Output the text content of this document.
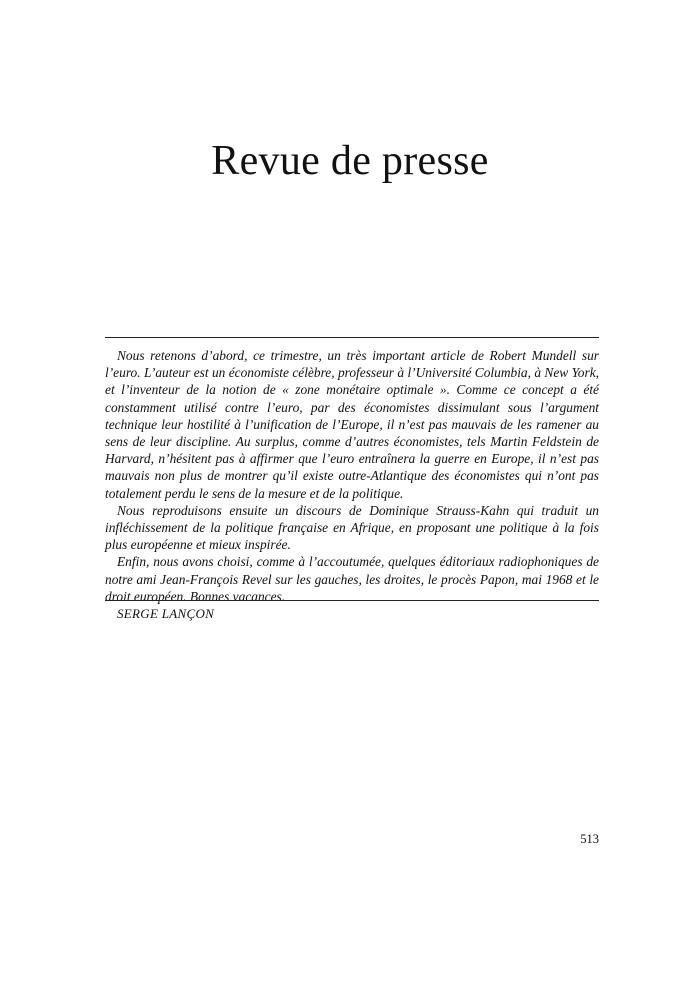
Revue de presse

Nous retenons d’abord, ce trimestre, un très important article de Robert Mundell sur l’euro. L’auteur est un économiste célèbre, professeur à l’Université Columbia, à New York, et l’inventeur de la notion de « zone monétaire optimale ». Comme ce concept a été constamment utilisé contre l’euro, par des économistes dissimulant sous l’argument technique leur hostilité à l’unification de l’Europe, il n’est pas mauvais de les ramener au sens de leur discipline. Au surplus, comme d’autres économistes, tels Martin Feldstein de Harvard, n’hésitent pas à affirmer que l’euro entraînera la guerre en Europe, il n’est pas mauvais non plus de montrer qu’il existe outre-Atlantique des économistes qui n’ont pas totalement perdu le sens de la mesure et de la politique.

Nous reproduisons ensuite un discours de Dominique Strauss-Kahn qui traduit un infléchissement de la politique française en Afrique, en proposant une politique à la fois plus européenne et mieux inspirée.

Enfin, nous avons choisi, comme à l’accoutumée, quelques éditoriaux radiophoniques de notre ami Jean-François Revel sur les gauches, les droites, le procès Papon, mai 1968 et le droit européen. Bonnes vacances.

SERGE LANÇON

513
